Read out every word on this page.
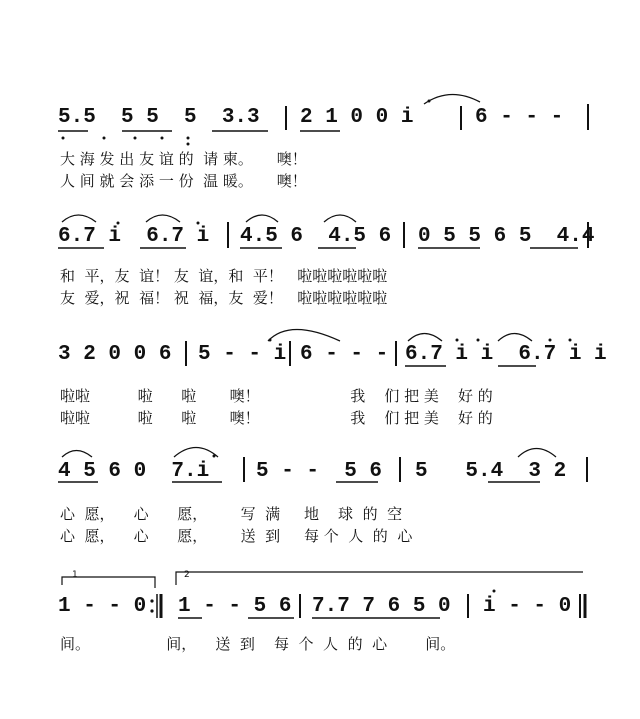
5.5  5 5  5  3.3 2 1 0 0 i	6 - - -
大 海 发 出 友 谊 的  请 柬。     噢！
人 间 就 会 添 一 份  温 暖。     噢！
6.7 i  6.7 i 4.5 6  4.5 6 0 5 5 6 5  4.4
和  平，友  谊！ 友  谊，和  平！   啦啦啦啦啦啦
友  爱，祝  福！ 祝  福，友  爱！   啦啦啦啦啦啦
3 2 0 0 6 5 - - i 6 - - - 6.7 i i  6.7 i i
啦啦          啦      啦       噢！                   我    们 把 美    好 的
啦啦          啦      啦       噢！                   我    们 把 美    好 的
4 5 6 0  7.i 5 - -  5 6 5   5.4  3 2
心  愿，    心      愿，       写  满     地    球  的  空
心  愿，    心      愿，       送  到     每 个  人  的  心
1	2
1 - - 0 1 - - 5 6 7.7 7 6 5 0 i - - 0
间。                间，    送  到    每  个  人  的  心        间。
